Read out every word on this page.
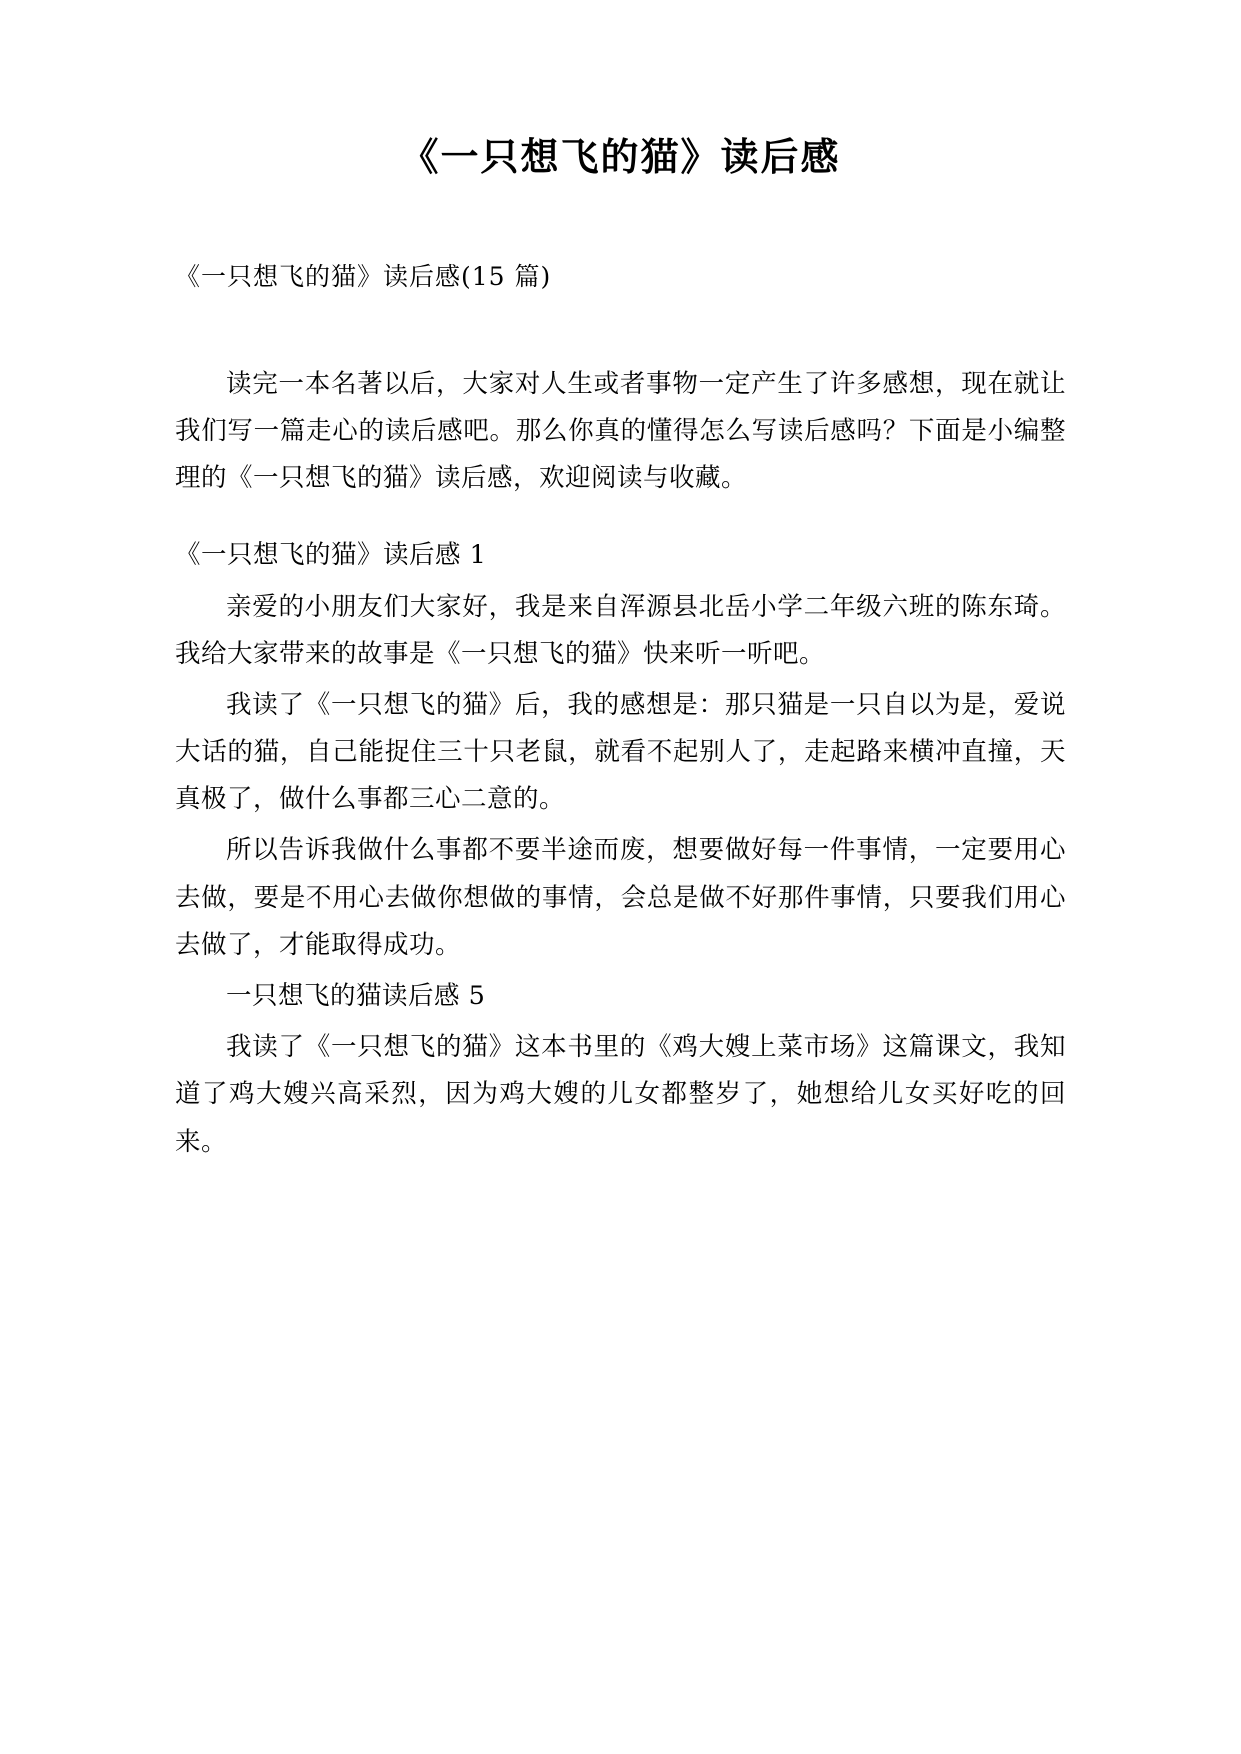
《一只想飞的猫》读后感
《一只想飞的猫》读后感(15 篇)

读完一本名著以后，大家对人生或者事物一定产生了许多感想，现在就让我们写一篇走心的读后感吧。那么你真的懂得怎么写读后感吗？下面是小编整理的《一只想飞的猫》读后感，欢迎阅读与收藏。

《一只想飞的猫》读后感 1

亲爱的小朋友们大家好，我是来自浑源县北岳小学二年级六班的陈东琦。我给大家带来的故事是《一只想飞的猫》快来听一听吧。

我读了《一只想飞的猫》后，我的感想是：那只猫是一只自以为是，爱说大话的猫，自己能捉住三十只老鼠，就看不起别人了，走起路来横冲直撞，天真极了，做什么事都三心二意的。

所以告诉我做什么事都不要半途而废，想要做好每一件事情，一定要用心去做，要是不用心去做你想做的事情，会总是做不好那件事情，只要我们用心去做了，才能取得成功。

一只想飞的猫读后感 5

我读了《一只想飞的猫》这本书里的《鸡大嫂上菜市场》这篇课文，我知道了鸡大嫂兴高采烈，因为鸡大嫂的儿女都整岁了，她想给儿女买好吃的回来。
